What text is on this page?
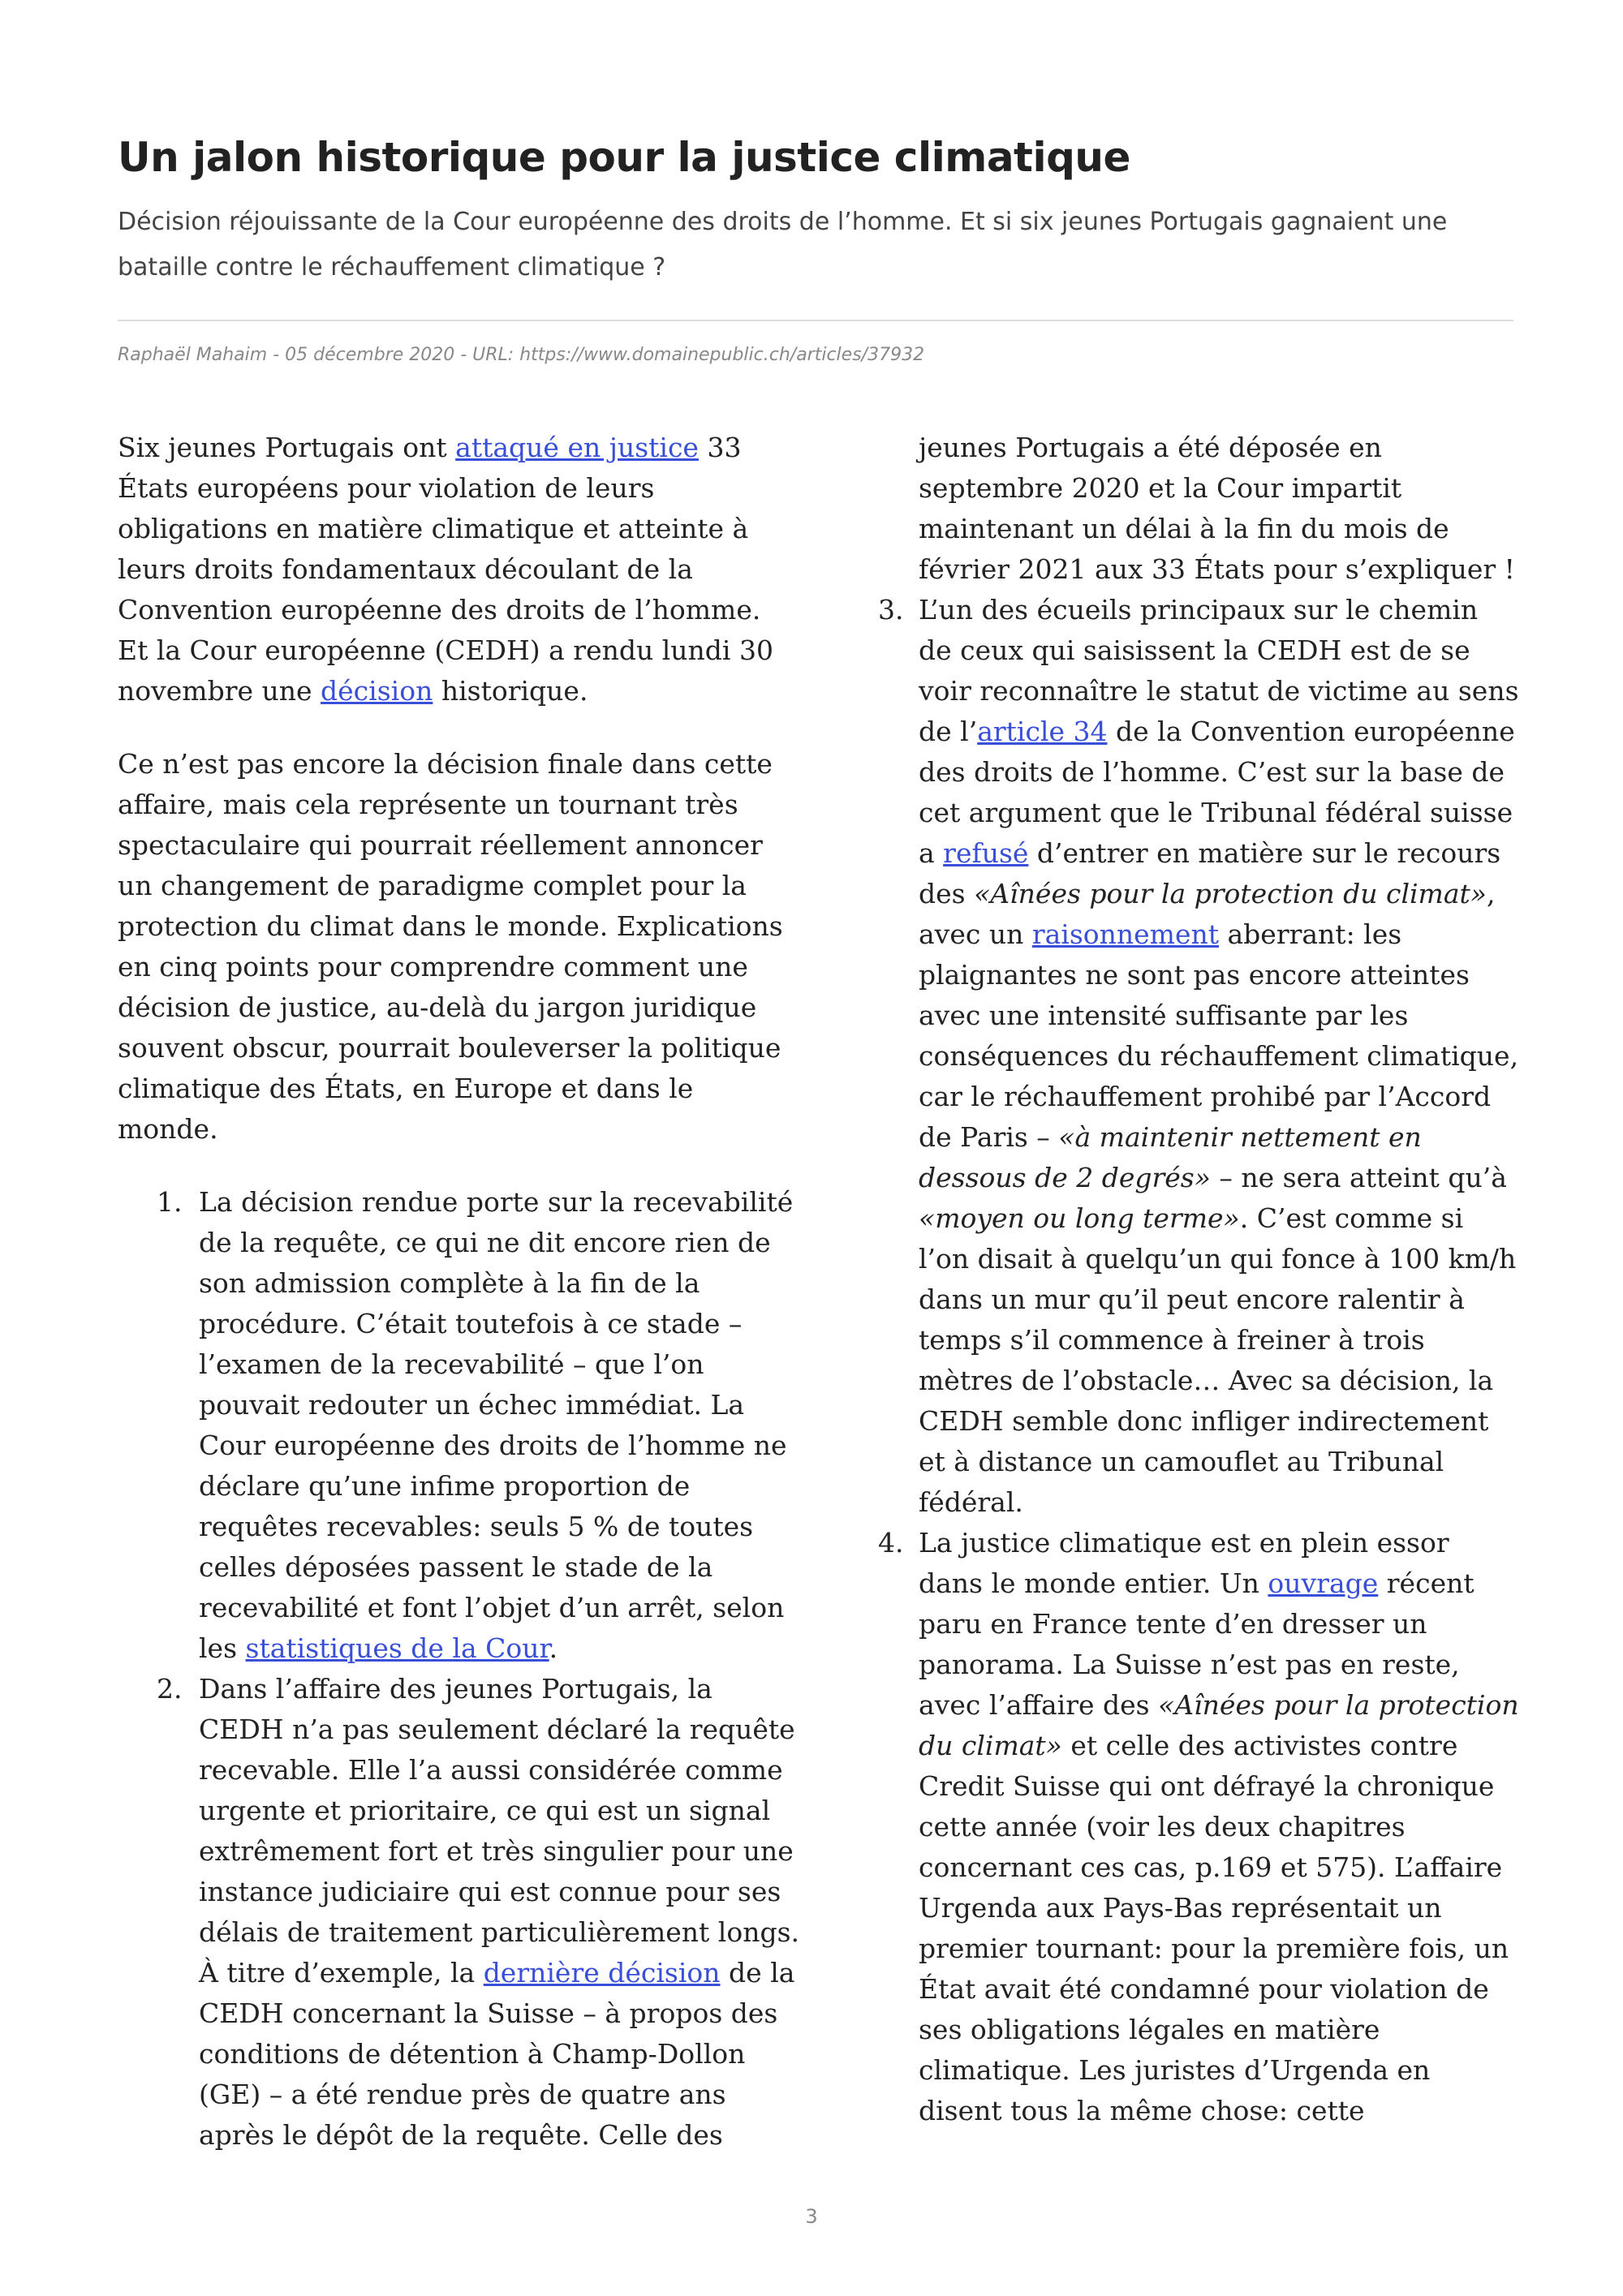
Un jalon historique pour la justice climatique

Décision réjouissante de la Cour européenne des droits de l’homme. Et si six jeunes Portugais gagnaient une bataille contre le réchauffement climatique ?

Raphaël Mahaim - 05 décembre 2020 - URL: https://www.domainepublic.ch/articles/37932

Six jeunes Portugais ont attaqué en justice 33 États européens pour violation de leurs obligations en matière climatique et atteinte à leurs droits fondamentaux découlant de la Convention européenne des droits de l’homme. Et la Cour européenne (CEDH) a rendu lundi 30 novembre une décision historique.

Ce n’est pas encore la décision finale dans cette affaire, mais cela représente un tournant très spectaculaire qui pourrait réellement annoncer un changement de paradigme complet pour la protection du climat dans le monde. Explications en cinq points pour comprendre comment une décision de justice, au-delà du jargon juridique souvent obscur, pourrait bouleverser la politique climatique des États, en Europe et dans le monde.

1. La décision rendue porte sur la recevabilité de la requête, ce qui ne dit encore rien de son admission complète à la fin de la procédure. C’était toutefois à ce stade – l’examen de la recevabilité – que l’on pouvait redouter un échec immédiat. La Cour européenne des droits de l’homme ne déclare qu’une infime proportion de requêtes recevables: seuls 5 % de toutes celles déposées passent le stade de la recevabilité et font l’objet d’un arrêt, selon les statistiques de la Cour.
2. Dans l’affaire des jeunes Portugais, la CEDH n’a pas seulement déclaré la requête recevable. Elle l’a aussi considérée comme urgente et prioritaire, ce qui est un signal extrêmement fort et très singulier pour une instance judiciaire qui est connue pour ses délais de traitement particulièrement longs. À titre d’exemple, la dernière décision de la CEDH concernant la Suisse – à propos des conditions de détention à Champ-Dollon (GE) – a été rendue près de quatre ans après le dépôt de la requête. Celle des
jeunes Portugais a été déposée en septembre 2020 et la Cour impartit maintenant un délai à la fin du mois de février 2021 aux 33 États pour s’expliquer !
3. L’un des écueils principaux sur le chemin de ceux qui saisissent la CEDH est de se voir reconnaître le statut de victime au sens de l’article 34 de la Convention européenne des droits de l’homme. C’est sur la base de cet argument que le Tribunal fédéral suisse a refusé d’entrer en matière sur le recours des «Aînées pour la protection du climat», avec un raisonnement aberrant: les plaignantes ne sont pas encore atteintes avec une intensité suffisante par les conséquences du réchauffement climatique, car le réchauffement prohibé par l’Accord de Paris – «à maintenir nettement en dessous de 2 degrés» – ne sera atteint qu’à «moyen ou long terme». C’est comme si l’on disait à quelqu’un qui fonce à 100 km/h dans un mur qu’il peut encore ralentir à temps s’il commence à freiner à trois mètres de l’obstacle… Avec sa décision, la CEDH semble donc infliger indirectement et à distance un camouflet au Tribunal fédéral.
4. La justice climatique est en plein essor dans le monde entier. Un ouvrage récent paru en France tente d’en dresser un panorama. La Suisse n’est pas en reste, avec l’affaire des «Aînées pour la protection du climat» et celle des activistes contre Credit Suisse qui ont défrayé la chronique cette année (voir les deux chapitres concernant ces cas, p.169 et 575). L’affaire Urgenda aux Pays-Bas représentait un premier tournant: pour la première fois, un État avait été condamné pour violation de ses obligations légales en matière climatique. Les juristes d’Urgenda en disent tous la même chose: cette
3
